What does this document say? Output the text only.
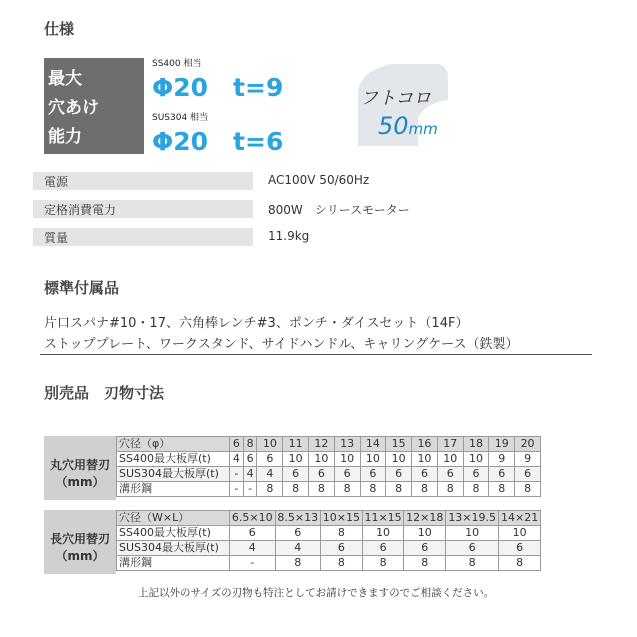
仕様
最大
穴あけ
能力
SS400 相当
Φ20　t=9
SUS304 相当
Φ20　t=6
フトコロ
50mm
電源	AC100V 50/60Hz
定格消費電力	800W　シリースモーター
質量	11.9kg
標準付属品
片口スパナ#10・17、六角棒レンチ#3、ポンチ・ダイスセット（14F）
ストッププレート、ワークスタンド、サイドハンドル、キャリングケース（鉄製）
別売品　刃物寸法
丸穴用替刃
（mm）
穴径（φ）	6	8	10	11	12	13	14	15	16	17	18	19	20
SS400最大板厚(t)	4	6	6	10	10	10	10	10	10	10	10	9	9
SUS304最大板厚(t)	-	4	4	6	6	6	6	6	6	6	6	6	6
溝形鋼	-	-	8	8	8	8	8	8	8	8	8	8	8
長穴用替刃
（mm）
穴径（W×L）	6.5×10	8.5×13	10×15	11×15	12×18	13×19.5	14×21
SS400最大板厚(t)	6	6	8	10	10	10	10
SUS304最大板厚(t)	4	4	6	6	6	6	6
溝形鋼	-	8	8	8	8	8	8
上記以外のサイズの刃物も特注としてお請けできますのでご相談ください。
